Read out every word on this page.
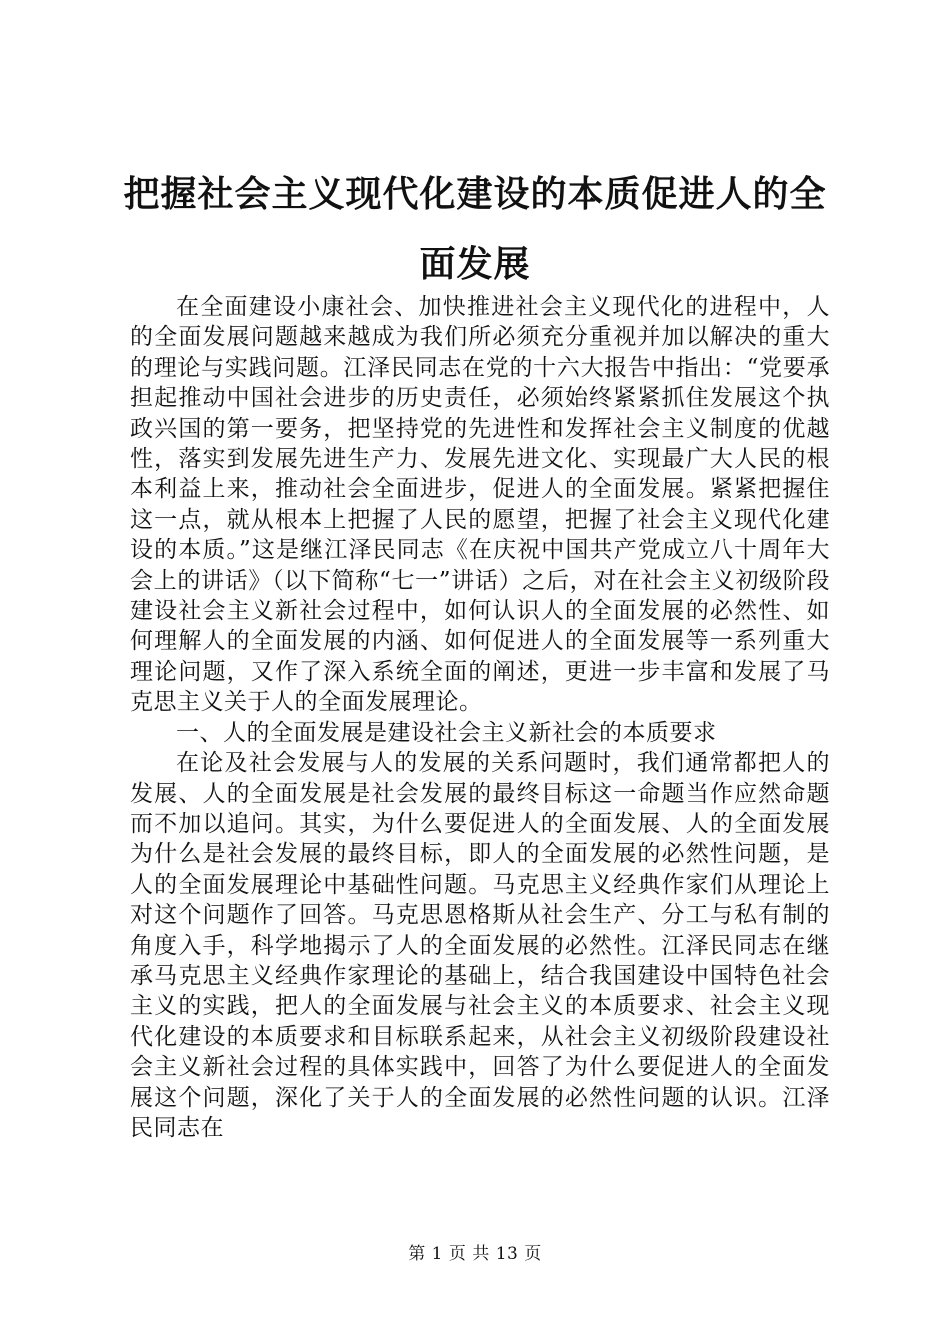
把握社会主义现代化建设的本质促进人的全面发展

在全面建设小康社会、加快推进社会主义现代化的进程中，人的全面发展问题越来越成为我们所必须充分重视并加以解决的重大的理论与实践问题。江泽民同志在党的十六大报告中指出：“党要承担起推动中国社会进步的历史责任，必须始终紧紧抓住发展这个执政兴国的第一要务，把坚持党的先进性和发挥社会主义制度的优越性，落实到发展先进生产力、发展先进文化、实现最广大人民的根本利益上来，推动社会全面进步，促进人的全面发展。紧紧把握住这一点，就从根本上把握了人民的愿望，把握了社会主义现代化建设的本质。”这是继江泽民同志《在庆祝中国共产党成立八十周年大会上的讲话》（以下简称“七一”讲话）之后，对在社会主义初级阶段建设社会主义新社会过程中，如何认识人的全面发展的必然性、如何理解人的全面发展的内涵、如何促进人的全面发展等一系列重大理论问题，又作了深入系统全面的阐述，更进一步丰富和发展了马克思主义关于人的全面发展理论。

一、人的全面发展是建设社会主义新社会的本质要求

在论及社会发展与人的发展的关系问题时，我们通常都把人的发展、人的全面发展是社会发展的最终目标这一命题当作应然命题而不加以追问。其实，为什么要促进人的全面发展、人的全面发展为什么是社会发展的最终目标，即人的全面发展的必然性问题，是人的全面发展理论中基础性问题。马克思主义经典作家们从理论上对这个问题作了回答。马克思恩格斯从社会生产、分工与私有制的角度入手，科学地揭示了人的全面发展的必然性。江泽民同志在继承马克思主义经典作家理论的基础上，结合我国建设中国特色社会主义的实践，把人的全面发展与社会主义的本质要求、社会主义现代化建设的本质要求和目标联系起来，从社会主义初级阶段建设社会主义新社会过程的具体实践中，回答了为什么要促进人的全面发展这个问题，深化了关于人的全面发展的必然性问题的认识。江泽民同志在

第 1 页 共 13 页
